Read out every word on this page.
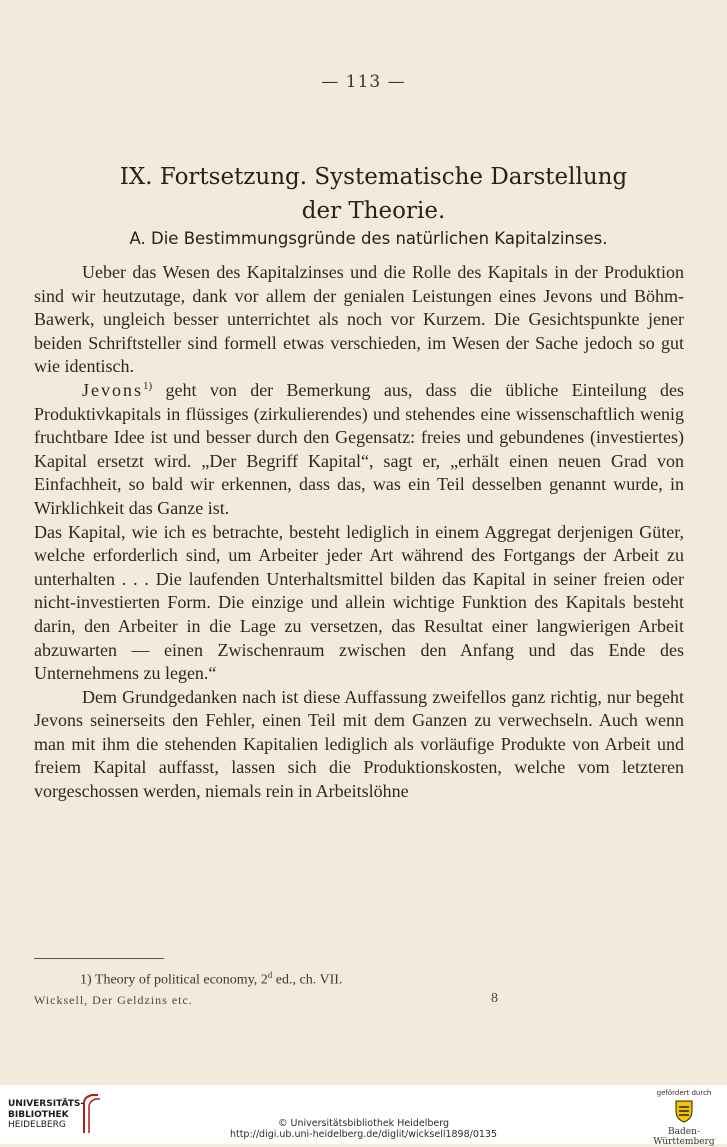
— 113 —
IX. Fortsetzung. Systematische Darstellung
der Theorie.
A. Die Bestimmungsgründe des natürlichen Kapitalzinses.

Ueber das Wesen des Kapitalzinses und die Rolle des Kapitals in der Produktion sind wir heutzutage, dank vor allem der genialen Leistungen eines Jevons und Böhm-Bawerk, ungleich besser unterrichtet als noch vor Kurzem. Die Gesichtspunkte jener beiden Schriftsteller sind formell etwas verschieden, im Wesen der Sache jedoch so gut wie identisch.

Jevons$^{1)}$ geht von der Bemerkung aus, dass die übliche Einteilung des Produktivkapitals in flüssiges (zirkulierendes) und stehendes eine wissenschaftlich wenig fruchtbare Idee ist und besser durch den Gegensatz: freies und gebundenes (investiertes) Kapital ersetzt wird. „Der Begriff Kapital“, sagt er, „erhält einen neuen Grad von Einfachheit, so bald wir erkennen, dass das, was ein Teil desselben genannt wurde, in Wirklichkeit das Ganze ist.

Das Kapital, wie ich es betrachte, besteht lediglich in einem Aggregat derjenigen Güter, welche erforderlich sind, um Arbeiter jeder Art während des Fortgangs der Arbeit zu unterhalten . . . Die laufenden Unterhaltsmittel bilden das Kapital in seiner freien oder nicht-investierten Form. Die einzige und allein wichtige Funktion des Kapitals besteht darin, den Arbeiter in die Lage zu versetzen, das Resultat einer langwierigen Arbeit abzuwarten — einen Zwischenraum zwischen den Anfang und das Ende des Unternehmens zu legen.“

Dem Grundgedanken nach ist diese Auffassung zweifellos ganz richtig, nur begeht Jevons seinerseits den Fehler, einen Teil mit dem Ganzen zu verwechseln. Auch wenn man mit ihm die stehenden Kapitalien lediglich als vorläufige Produkte von Arbeit und freiem Kapital auffasst, lassen sich die Produktionskosten, welche vom letzteren vorgeschossen werden, niemals rein in Arbeitslöhne

1) Theory of political economy, 2$^d$ ed., ch. VII.
Wicksell, Der Geldzins etc.	8
UNIVERSITÄTS-
BIBLIOTHEK
HEIDELBERG	© Universitätsbibliothek Heidelberg
http://digi.ub.uni-heidelberg.de/diglit/wicksell1898/0135
gefördert durch
Baden-Württemberg
